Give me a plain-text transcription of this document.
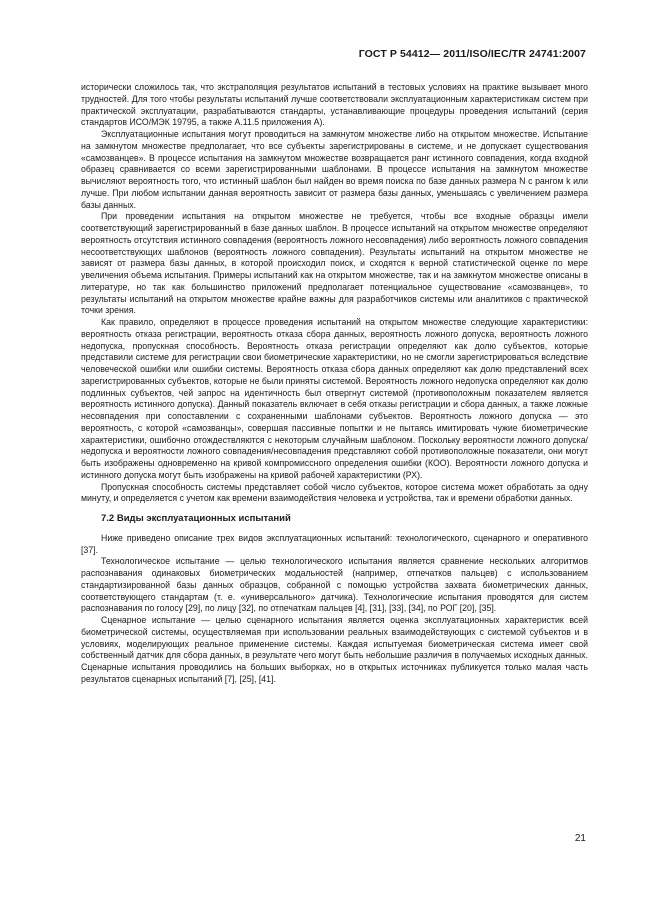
ГОСТ Р 54412— 2011/ISO/IEC/TR 24741:2007

исторически сложилось так, что экстраполяция результатов испытаний в тестовых условиях на практике вызывает много трудностей. Для того чтобы результаты испытаний лучше соответствовали эксплуатационным характеристикам систем при практической эксплуатации, разрабатываются стандарты, устанавливающие процедуры проведения испытаний (серия стандартов ИСО/МЭК 19795, а также А.11.5 приложения А).

Эксплуатационные испытания могут проводиться на замкнутом множестве либо на открытом множестве. Испытание на замкнутом множестве предполагает, что все субъекты зарегистрированы в системе, и не допускает существования «самозванцев». В процессе испытания на замкнутом множестве возвращается ранг истинного совпадения, когда входной образец сравнивается со всеми зарегистрированными шаблонами. В процессе испытания на замкнутом множестве вычисляют вероятность того, что истинный шаблон был найден во время поиска по базе данных размера N с рангом k или лучше. При любом испытании данная вероятность зависит от размера базы данных, уменьшаясь с увеличением размера базы данных.

При проведении испытания на открытом множестве не требуется, чтобы все входные образцы имели соответствующий зарегистрированный в базе данных шаблон. В процессе испытаний на открытом множестве определяют вероятность отсутствия истинного совпадения (вероятность ложного несовпадения) либо вероятность ложного совпадения несоответствующих шаблонов (вероятность ложного совпадения). Результаты испытаний на открытом множестве не зависят от размера базы данных, в которой происходил поиск, и сходятся к верной статистической оценке по мере увеличения объема испытания. Примеры испытаний как на открытом множестве, так и на замкнутом множестве описаны в литературе, но так как большинство приложений предполагает потенциальное существование «самозванцев», то результаты испытаний на открытом множестве крайне важны для разработчиков системы или аналитиков с практической точки зрения.

Как правило, определяют в процессе проведения испытаний на открытом множестве следующие характеристики: вероятность отказа регистрации, вероятность отказа сбора данных, вероятность ложного допуска, вероятность ложного недопуска, пропускная способность. Вероятность отказа регистрации определяют как долю субъектов, которые представили системе для регистрации свои биометрические характеристики, но не смогли зарегистрироваться вследствие человеческой ошибки или ошибки системы. Вероятность отказа сбора данных определяют как долю представлений всех зарегистрированных субъектов, которые не были приняты системой. Вероятность ложного недопуска определяют как долю подлинных субъектов, чей запрос на идентичность был отвергнут системой (противоположным показателем является вероятность истинного допуска). Данный показатель включает в себя отказы регистрации и сбора данных, а также ложные несовпадения при сопоставлении с сохраненными шаблонами субъектов. Вероятность ложного допуска — это вероятность, с которой «самозванцы», совершая пассивные попытки и не пытаясь имитировать чужие биометрические характеристики, ошибочно отождествляются с некоторым случайным шаблоном. Поскольку вероятности ложного допуска/недопуска и вероятности ложного совпадения/несовпадения представляют собой противоположные показатели, они могут быть изображены одновременно на кривой компромиссного определения ошибки (КОО). Вероятности ложного допуска и истинного допуска могут быть изображены на кривой рабочей характеристики (РХ).

Пропускная способность системы представляет собой число субъектов, которое система может обработать за одну минуту, и определяется с учетом как времени взаимодействия человека и устройства, так и времени обработки данных.

7.2 Виды эксплуатационных испытаний

Ниже приведено описание трех видов эксплуатационных испытаний: технологического, сценарного и оперативного [37].

Технологическое испытание — целью технологического испытания является сравнение нескольких алгоритмов распознавания одинаковых биометрических модальностей (например, отпечатков пальцев) с использованием стандартизированной базы данных образцов, собранной с помощью устройства захвата биометрических данных, соответствующего стандартам (т. е. «универсального» датчика). Технологические испытания проводятся для систем распознавания по голосу [29], по лицу [32], по отпечаткам пальцев [4], [31], [33], [34], по РОГ [20], [35].

Сценарное испытание — целью сценарного испытания является оценка эксплуатационных характеристик всей биометрической системы, осуществляемая при использовании реальных взаимодействующих с системой субъектов и в условиях, моделирующих реальное применение системы. Каждая испытуемая биометрическая система имеет свой собственный датчик для сбора данных, в результате чего могут быть небольшие различия в получаемых исходных данных. Сценарные испытания проводились на больших выборках, но в открытых источниках публикуется только малая часть результатов сценарных испытаний [7], [25], [41].

21
